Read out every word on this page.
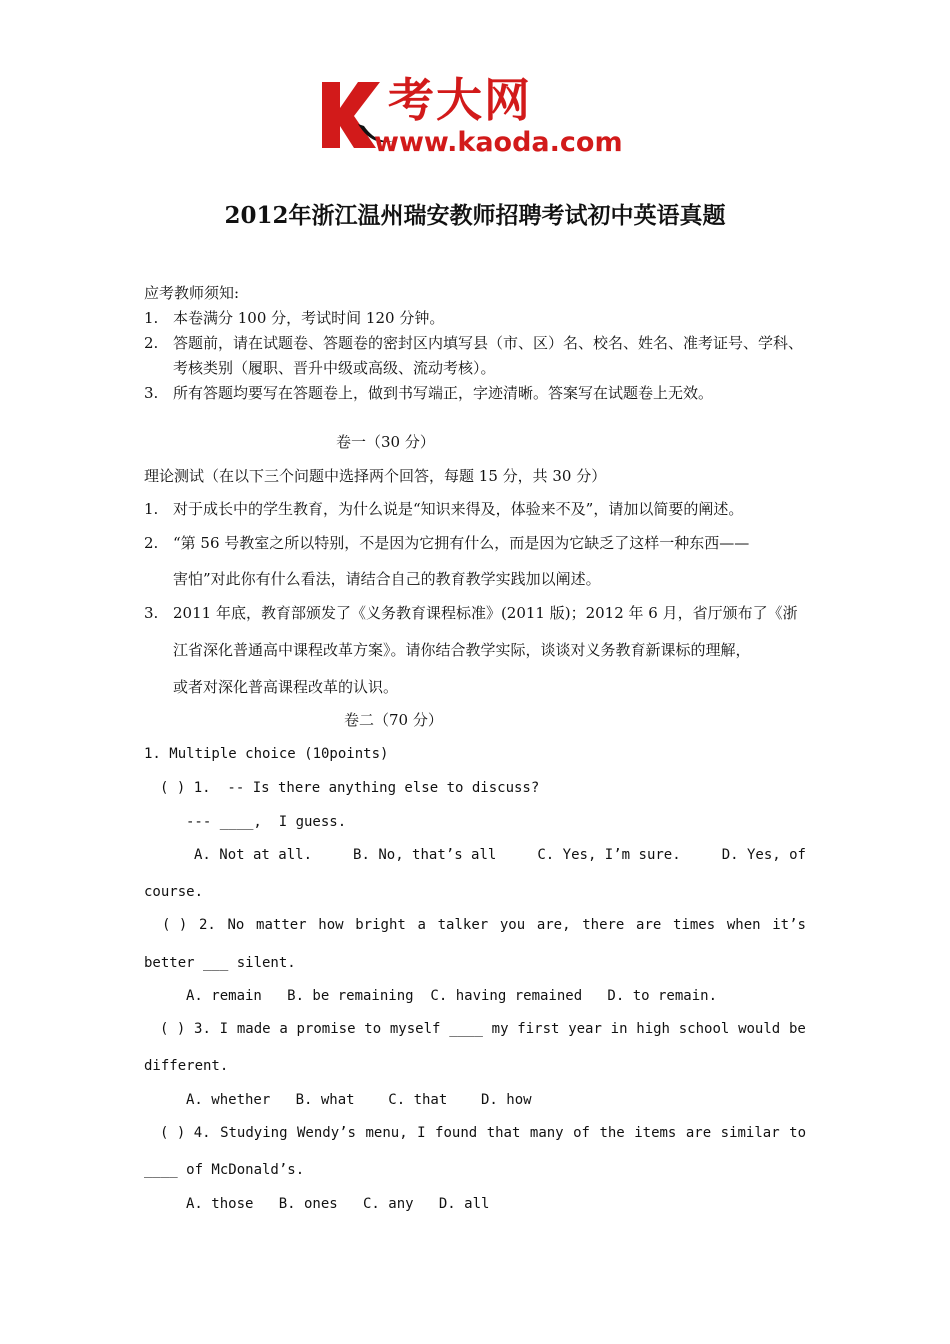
考大网
www.kaoda.com
2012年浙江温州瑞安教师招聘考试初中英语真题
应考教师须知:
1. 本卷满分 100 分，考试时间 120 分钟。
2. 答题前，请在试题卷、答题卷的密封区内填写县（市、区）名、校名、姓名、准考证号、学科、
考核类别（履职、晋升中级或高级、流动考核）。
3. 所有答题均要写在答题卷上，做到书写端正，字迹清晰。答案写在试题卷上无效。
卷一（30 分）
理论测试（在以下三个问题中选择两个回答，每题 15 分，共 30 分）
1. 对于成长中的学生教育，为什么说是“知识来得及，体验来不及”，请加以简要的阐述。
2. “第 56 号教室之所以特别，不是因为它拥有什么，而是因为它缺乏了这样一种东西——
害怕”对此你有什么看法，请结合自己的教育教学实践加以阐述。
3. 2011 年底，教育部颁发了《义务教育课程标准》(2011 版)；2012 年 6 月，省厅颁布了《浙
江省深化普通高中课程改革方案》。请你结合教学实际，谈谈对义务教育新课标的理解，
或者对深化普高课程改革的认识。
卷二（70 分）
1. Multiple choice (10points)
( ) 1.  -- Is there anything else to discuss?
--- ____,  I guess.
A. Not at all.	B. No, that’s all	C. Yes, I’m sure.	D. Yes, of
course.
( ) 2. No matter how bright a talker you are, there are times when it’s
better ___ silent.
A. remain   B. be remaining  C. having remained   D. to remain.
( ) 3. I made a promise to myself ____ my first year in high school would be
different.
A. whether   B. what    C. that    D. how
( ) 4. Studying Wendy’s menu, I found that many of the items are similar to
____ of McDonald’s.
A. those   B. ones   C. any   D. all
